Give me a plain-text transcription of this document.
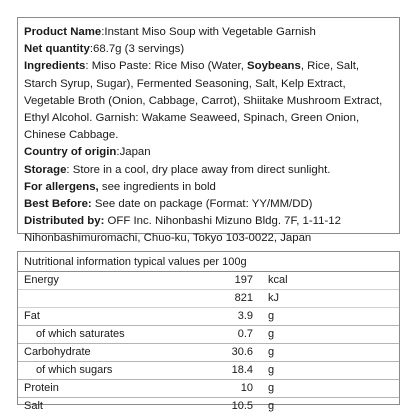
Product Name:Instant Miso Soup with Vegetable Garnish
Net quantity:68.7g (3 servings)
Ingredients: Miso Paste: Rice Miso (Water, Soybeans, Rice, Salt, Starch Syrup, Sugar), Fermented Seasoning, Salt, Kelp Extract, Vegetable Broth (Onion, Cabbage, Carrot), Shiitake Mushroom Extract, Ethyl Alcohol. Garnish: Wakame Seaweed, Spinach, Green Onion, Chinese Cabbage.
Country of origin:Japan
Storage: Store in a cool, dry place away from direct sunlight.
For allergens, see ingredients in bold
Best Before: See date on package (Format: YY/MM/DD)
Distributed by: OFF Inc. Nihonbashi Mizuno Bldg. 7F, 1-11-12 Nihonbashimuromachi, Chuo-ku, Tokyo 103-0022, Japan
Nutritional information typical values per 100g
Energy	197 kcal
821 kJ
Fat	3.9 g
of which saturates	0.7 g
Carbohydrate	30.6 g
of which sugars	18.4 g
Protein	10 g
Salt	10.5 g
